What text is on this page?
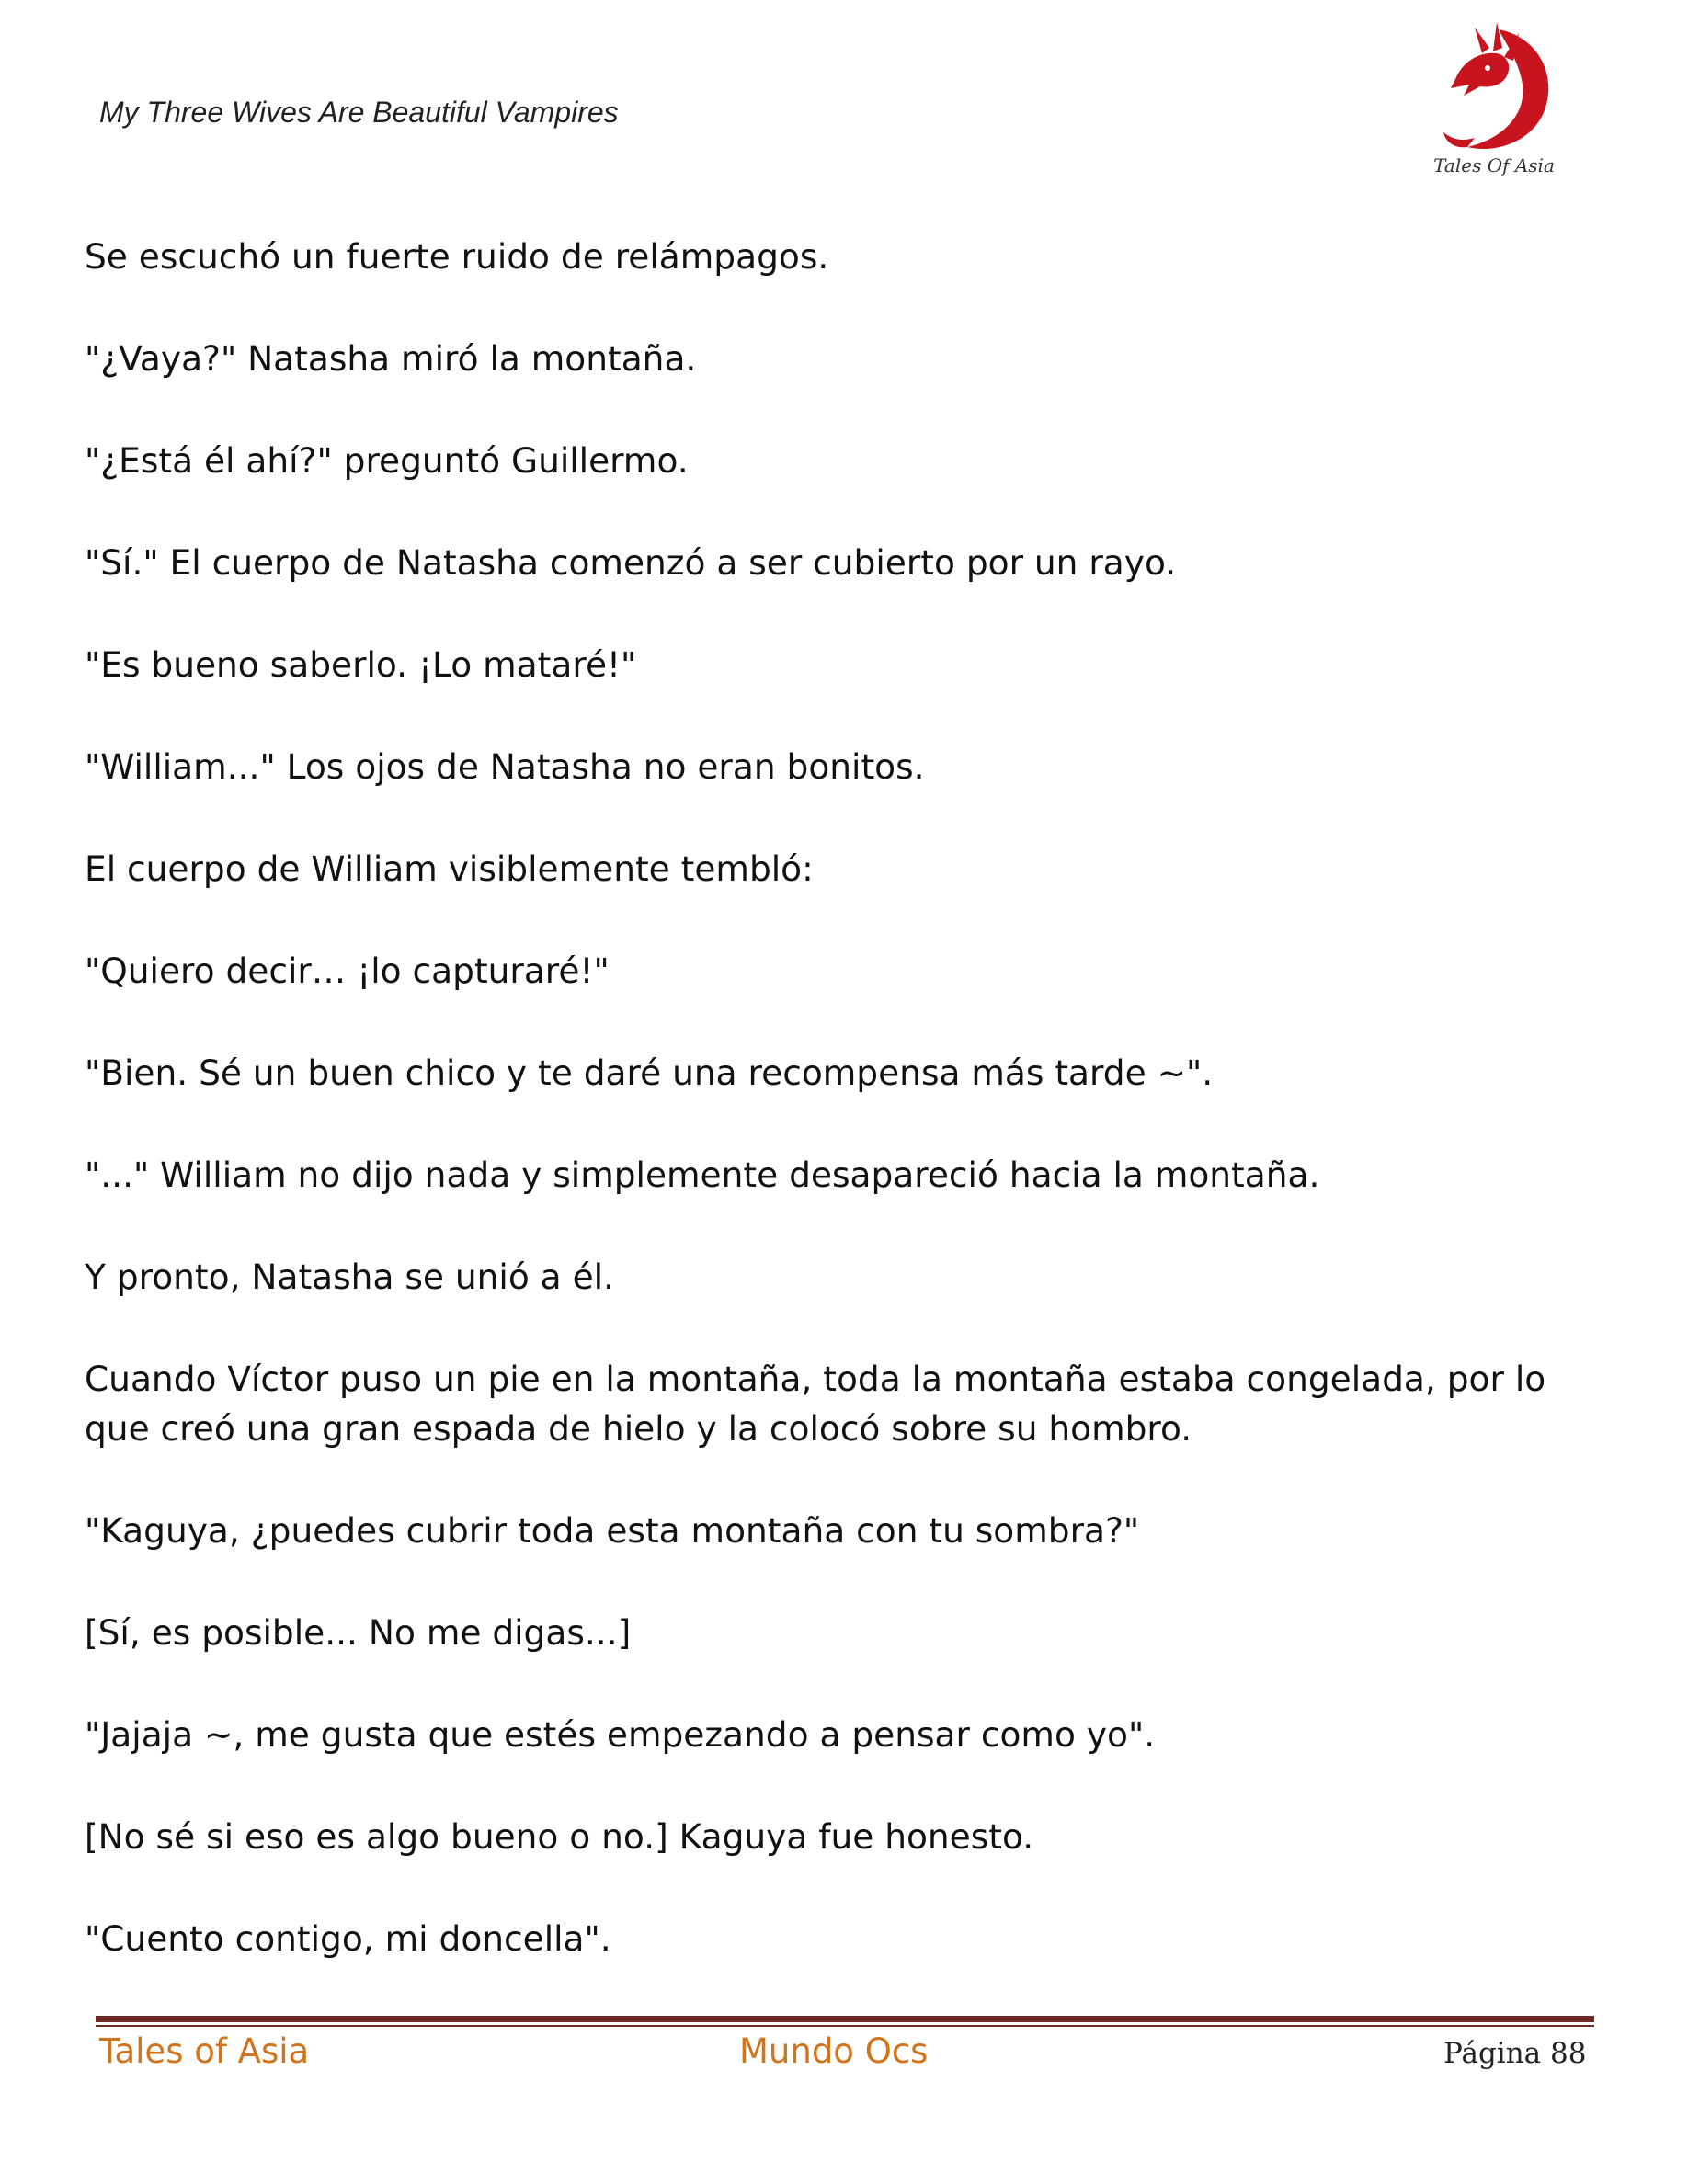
My Three Wives Are Beautiful Vampires
Tales Of Asia

Se escuchó un fuerte ruido de relámpagos.

"¿Vaya?" Natasha miró la montaña.

"¿Está él ahí?" preguntó Guillermo.

"Sí." El cuerpo de Natasha comenzó a ser cubierto por un rayo.

"Es bueno saberlo. ¡Lo mataré!"

"William..." Los ojos de Natasha no eran bonitos.

El cuerpo de William visiblemente tembló:

"Quiero decir… ¡lo capturaré!"

"Bien. Sé un buen chico y te daré una recompensa más tarde ~".

"..." William no dijo nada y simplemente desapareció hacia la montaña.

Y pronto, Natasha se unió a él.

Cuando Víctor puso un pie en la montaña, toda la montaña estaba congelada, por lo que creó una gran espada de hielo y la colocó sobre su hombro.

"Kaguya, ¿puedes cubrir toda esta montaña con tu sombra?"

[Sí, es posible... No me digas...]

"Jajaja ~, me gusta que estés empezando a pensar como yo".

[No sé si eso es algo bueno o no.] Kaguya fue honesto.

"Cuento contigo, mi doncella".

Tales of Asia	Mundo Ocs	Página 88
